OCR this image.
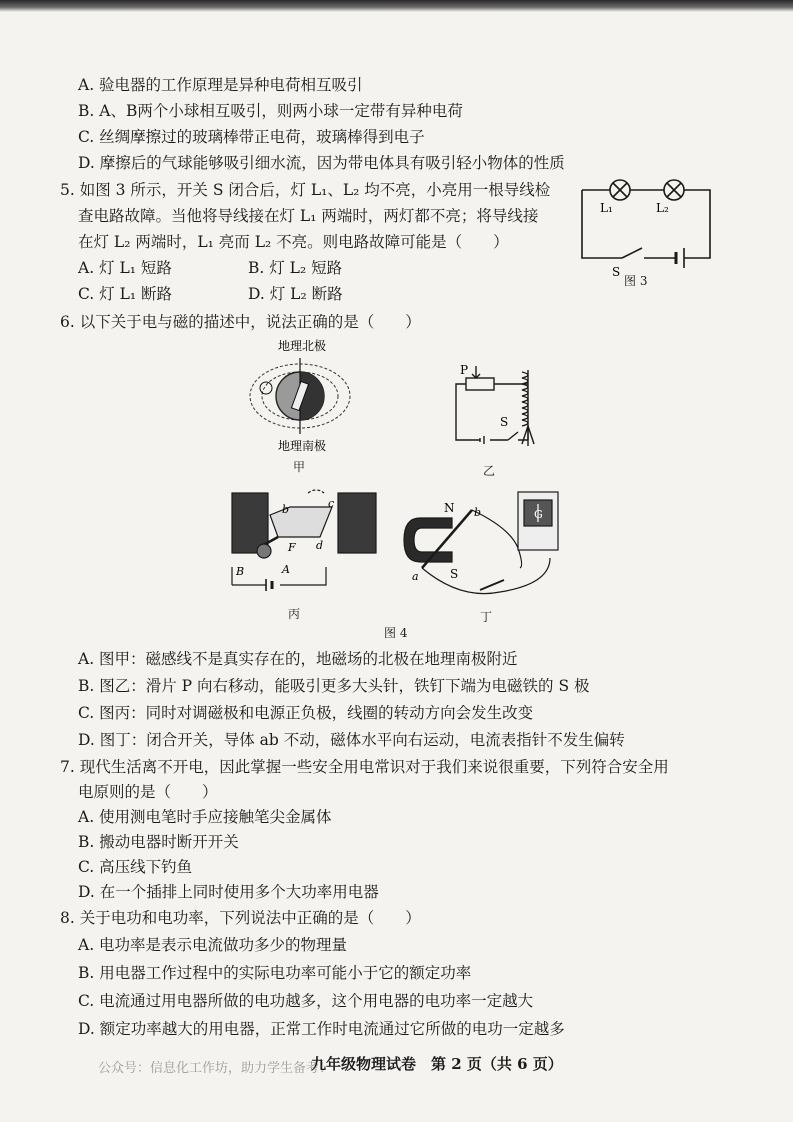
A. 验电器的工作原理是异种电荷相互吸引
B. A、B两个小球相互吸引，则两小球一定带有异种电荷
C. 丝绸摩擦过的玻璃棒带正电荷，玻璃棒得到电子
D. 摩擦后的气球能够吸引细水流，因为带电体具有吸引轻小物体的性质
5. 如图 3 所示，开关 S 闭合后，灯 L₁、L₂ 均不亮，小亮用一根导线检
查电路故障。当他将导线接在灯 L₁ 两端时，两灯都不亮；将导线接
在灯 L₂ 两端时，L₁ 亮而 L₂ 不亮。则电路故障可能是（　　）
A. 灯 L₁ 短路	B. 灯 L₂ 短路
C. 灯 L₁ 断路	D. 灯 L₂ 断路
L₁	L₂
S
图 3
6. 以下关于电与磁的描述中，说法正确的是（　　）
地理北极
地理南极
甲
P
S
乙
b	c
d
F
B	A
丙
N b
a	S
G
丁
图 4
A. 图甲：磁感线不是真实存在的，地磁场的北极在地理南极附近
B. 图乙：滑片 P 向右移动，能吸引更多大头针，铁钉下端为电磁铁的 S 极
C. 图丙：同时对调磁极和电源正负极，线圈的转动方向会发生改变
D. 图丁：闭合开关，导体 ab 不动，磁体水平向右运动，电流表指针不发生偏转
7. 现代生活离不开电，因此掌握一些安全用电常识对于我们来说很重要，下列符合安全用
电原则的是（　　）
A. 使用测电笔时手应接触笔尖金属体
B. 搬动电器时断开开关
C. 高压线下钓鱼
D. 在一个插排上同时使用多个大功率用电器
8. 关于电功和电功率，下列说法中正确的是（　　）
A. 电功率是表示电流做功多少的物理量
B. 用电器工作过程中的实际电功率可能小于它的额定功率
C. 电流通过用电器所做的电功越多，这个用电器的电功率一定越大
D. 额定功率越大的用电器，正常工作时电流通过它所做的电功一定越多
公众号：信息化工作坊，助力学生备考！
九年级物理试卷　第 2 页（共 6 页）
